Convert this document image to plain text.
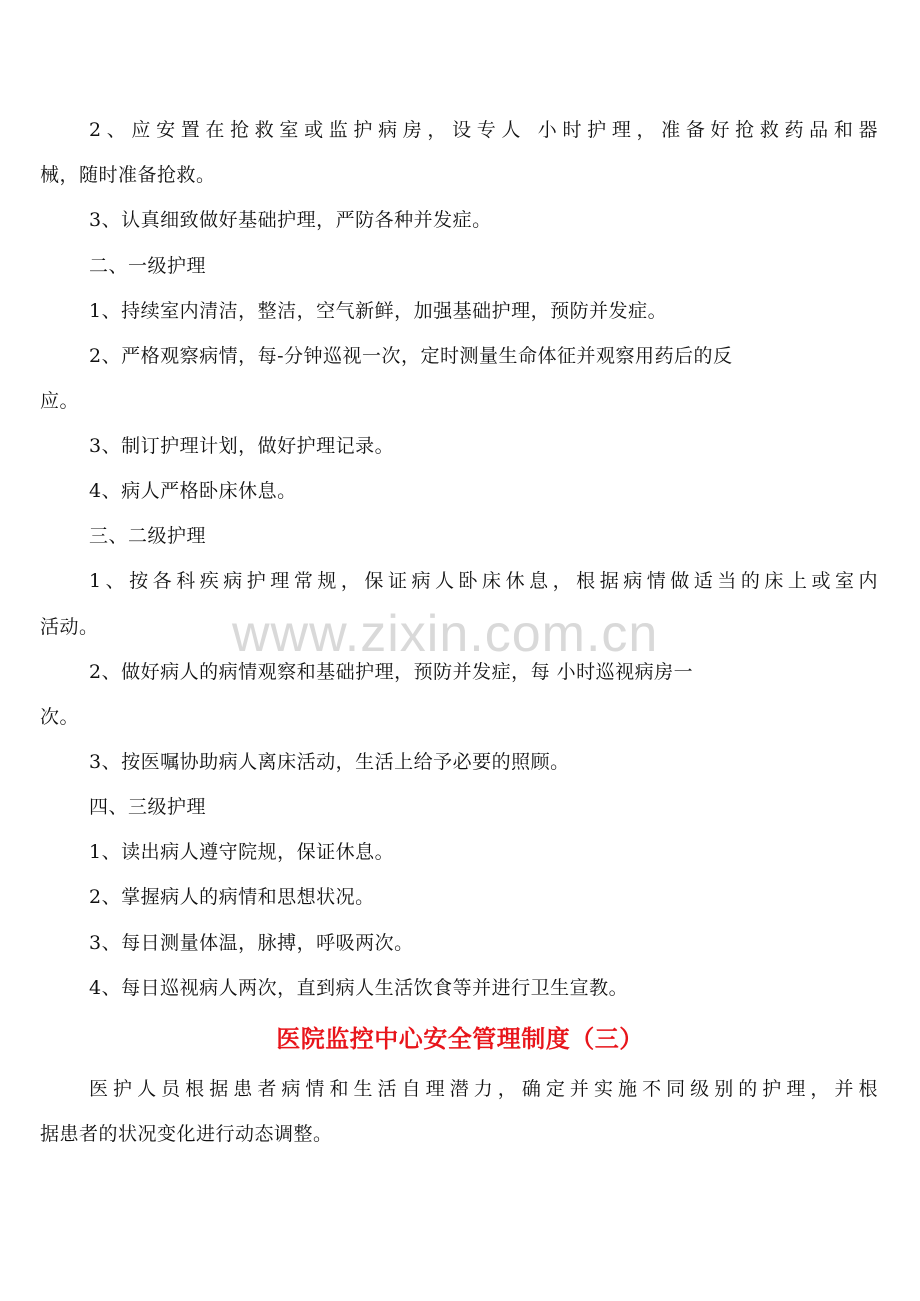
www.zixin.com.cn

2、应安置在抢救室或监护病房，设专人 小时护理，准备好抢救药品和器

械，随时准备抢救。

3、认真细致做好基础护理，严防各种并发症。

二、一级护理

1、持续室内清洁，整洁，空气新鲜，加强基础护理，预防并发症。

2、严格观察病情，每-分钟巡视一次，定时测量生命体征并观察用药后的反

应。

3、制订护理计划，做好护理记录。

4、病人严格卧床休息。

三、二级护理

1、按各科疾病护理常规，保证病人卧床休息，根据病情做适当的床上或室内

活动。

2、做好病人的病情观察和基础护理，预防并发症，每 小时巡视病房一

次。

3、按医嘱协助病人离床活动，生活上给予必要的照顾。

四、三级护理

1、读出病人遵守院规，保证休息。

2、掌握病人的病情和思想状况。

3、每日测量体温，脉搏，呼吸两次。

4、每日巡视病人两次，直到病人生活饮食等并进行卫生宣教。

医院监控中心安全管理制度（三）

医护人员根据患者病情和生活自理潜力，确定并实施不同级别的护理，并根

据患者的状况变化进行动态调整。
